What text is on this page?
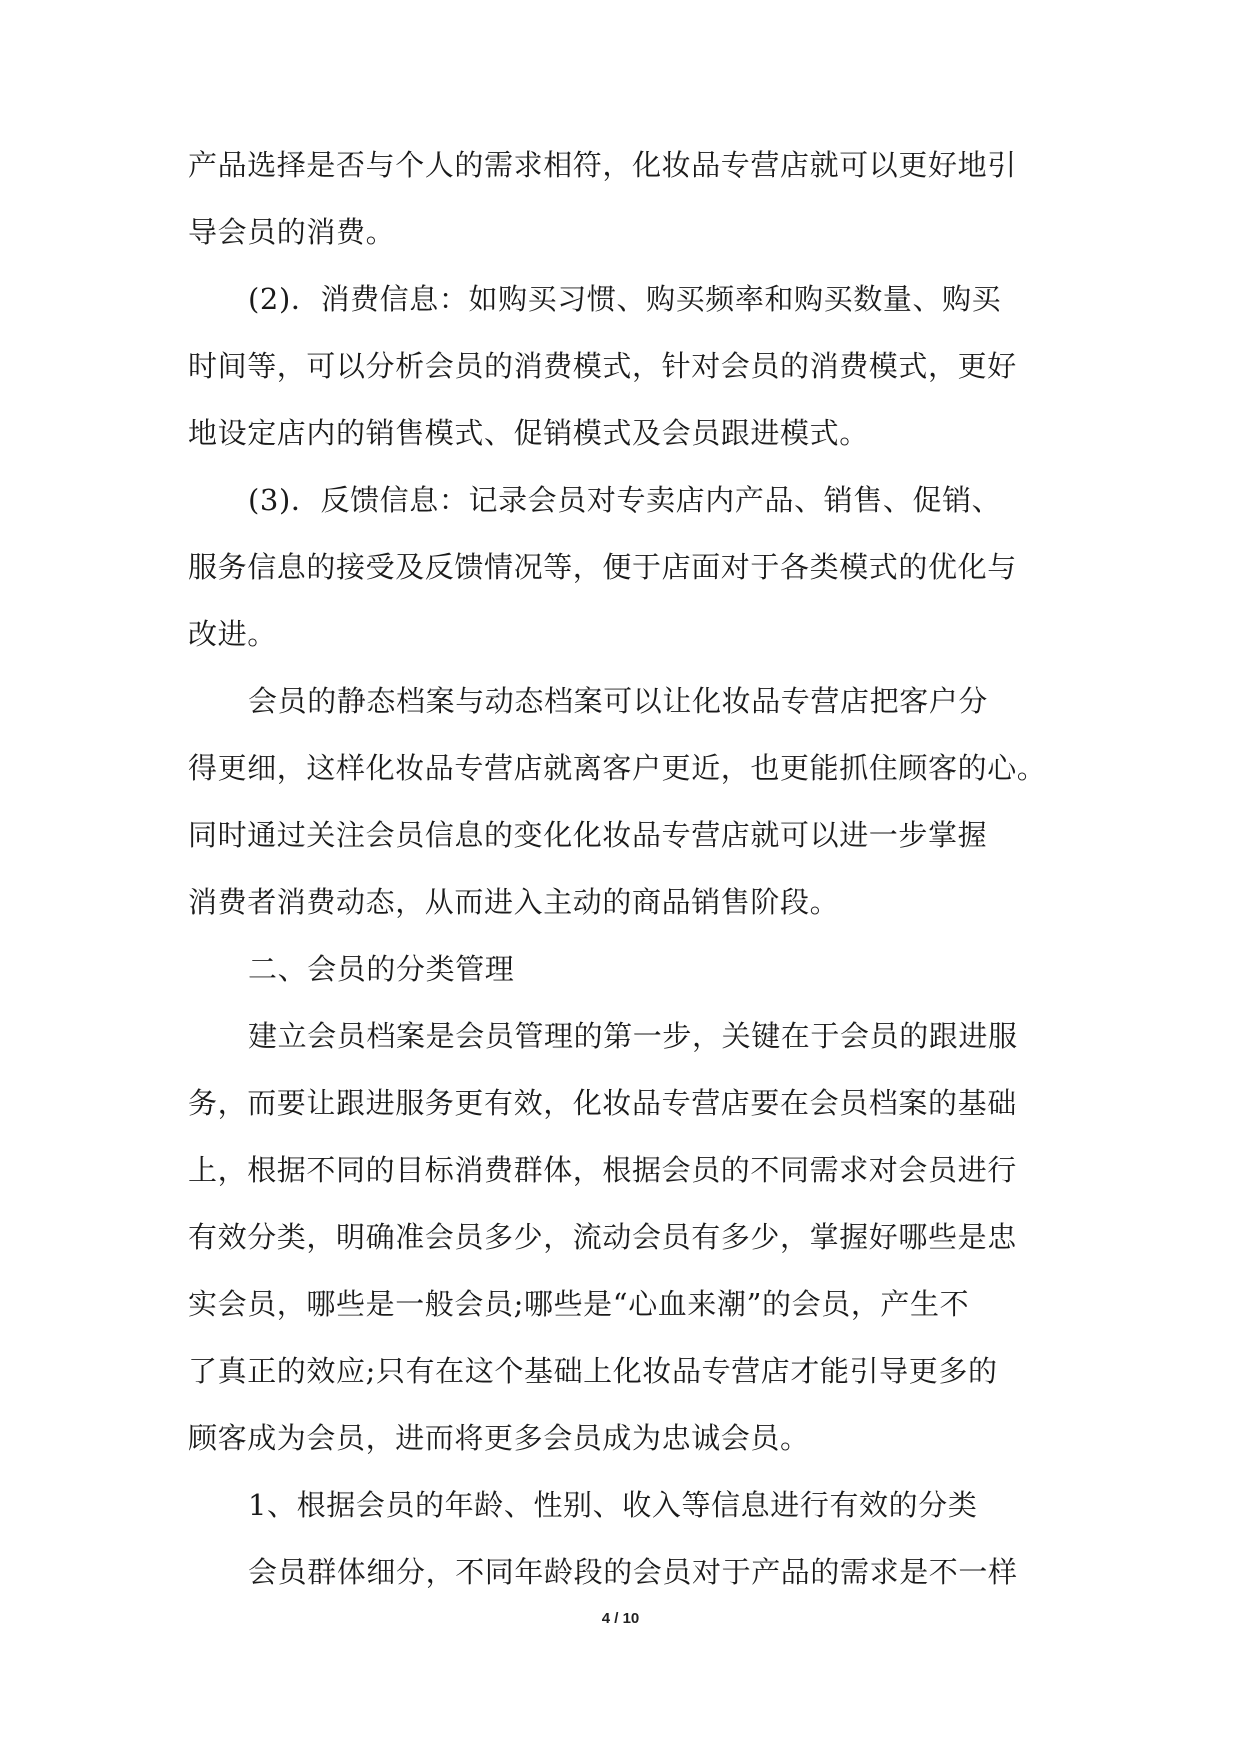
产品选择是否与个人的需求相符，化妆品专营店就可以更好地引
导会员的消费。
(2)．消费信息：如购买习惯、购买频率和购买数量、购买
时间等，可以分析会员的消费模式，针对会员的消费模式，更好
地设定店内的销售模式、促销模式及会员跟进模式。
(3)．反馈信息：记录会员对专卖店内产品、销售、促销、
服务信息的接受及反馈情况等，便于店面对于各类模式的优化与
改进。
会员的静态档案与动态档案可以让化妆品专营店把客户分
得更细，这样化妆品专营店就离客户更近，也更能抓住顾客的心。
同时通过关注会员信息的变化化妆品专营店就可以进一步掌握
消费者消费动态，从而进入主动的商品销售阶段。
二、会员的分类管理
建立会员档案是会员管理的第一步，关键在于会员的跟进服
务，而要让跟进服务更有效，化妆品专营店要在会员档案的基础
上，根据不同的目标消费群体，根据会员的不同需求对会员进行
有效分类，明确准会员多少，流动会员有多少，掌握好哪些是忠
实会员，哪些是一般会员;哪些是“心血来潮”的会员，产生不
了真正的效应;只有在这个基础上化妆品专营店才能引导更多的
顾客成为会员，进而将更多会员成为忠诚会员。
1、根据会员的年龄、性别、收入等信息进行有效的分类
会员群体细分，不同年龄段的会员对于产品的需求是不一样
4 / 10
